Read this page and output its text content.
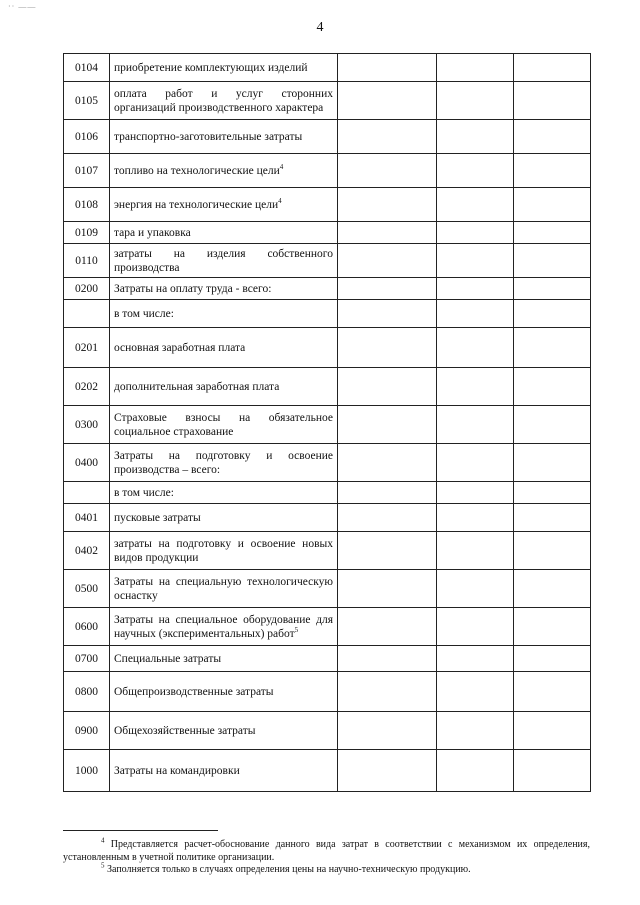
·· ——
4
0104	приобретение комплектующих изделий			
0105	оплата работ и услуг сторонних организаций производственного характера			
0106	транспортно-заготовительные затраты			
0107	топливо на технологические цели$^4$			
0108	энергия на технологические цели$^4$			
0109	тара и упаковка			
0110	затраты на изделия собственного производства			
0200	Затраты на оплату труда - всего:			
	в том числе:			
0201	основная заработная плата			
0202	дополнительная заработная плата			
0300	Страховые взносы на обязательное социальное страхование			
0400	Затраты на подготовку и освоение производства – всего:			
	в том числе:			
0401	пусковые затраты			
0402	затраты на подготовку и освоение новых видов продукции			
0500	Затраты на специальную технологическую оснастку			
0600	Затраты на специальное оборудование для научных (экспериментальных) работ$^5$			
0700	Специальные затраты			
0800	Общепроизводственные затраты			
0900	Общехозяйственные затраты			
1000	Затраты на командировки			

$^4$ Представляется расчет-обоснование данного вида затрат в соответствии с механизмом их определения, установленным в учетной политике организации.

$^5$ Заполняется только в случаях определения цены на научно-техническую продукцию.
